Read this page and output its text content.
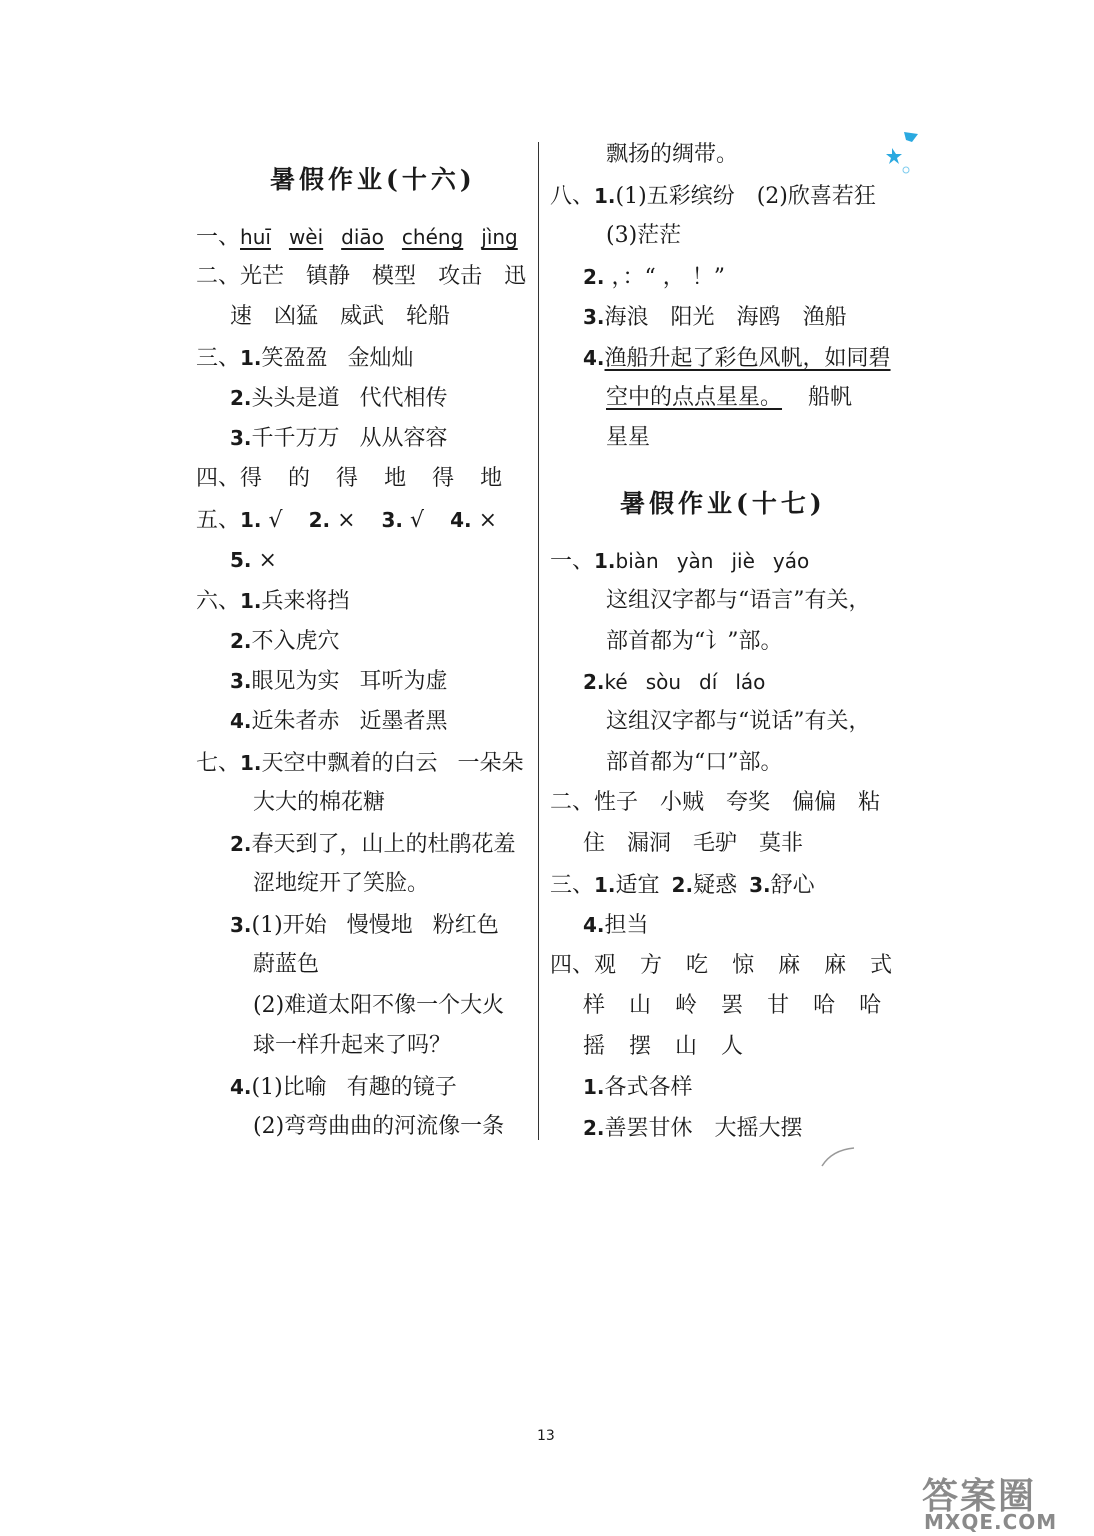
暑假作业(十六)
一、huī wèi diāo chéng jìng
二、光芒 镇静 模型 攻击 迅
速 凶猛 威武 轮船
三、1.笑盈盈 金灿灿
2.头头是道 代代相传
3.千千万万 从从容容
四、得 的 得 地 得 地
五、1. √ 2. × 3. √ 4. ×
5. ×
六、1.兵来将挡
2.不入虎穴
3.眼见为实 耳听为虚
4.近朱者赤 近墨者黑
七、1.天空中飘着的白云 一朵朵
大大的棉花糖
2.春天到了，山上的杜鹃花羞
涩地绽开了笑脸。
3.(1)开始 慢慢地 粉红色
蔚蓝色
(2)难道太阳不像一个大火
球一样升起来了吗？
4.(1)比喻 有趣的镜子
(2)弯弯曲曲的河流像一条
飘扬的绸带。
八、1.(1)五彩缤纷 (2)欣喜若狂
(3)茫茫
2. ，：“ ， ！”
3.海浪 阳光 海鸥 渔船
4.渔船升起了彩色风帆，如同碧
空中的点点星星。 船帆
星星
暑假作业(十七)
一、1.biàn yàn jiè yáo
这组汉字都与“语言”有关，
部首都为“讠”部。
2.ké sòu dí láo
这组汉字都与“说话”有关，
部首都为“口”部。
二、性子 小贼 夸奖 偏偏 粘
住 漏洞 毛驴 莫非
三、1.适宜 2.疑惑 3.舒心
4.担当
四、观 方 吃 惊 麻 麻 式
样 山 岭 罢 甘 哈 哈
摇 摆 山 人
1.各式各样
2.善罢甘休 大摇大摆
13
答案圈
MXQE.COM
